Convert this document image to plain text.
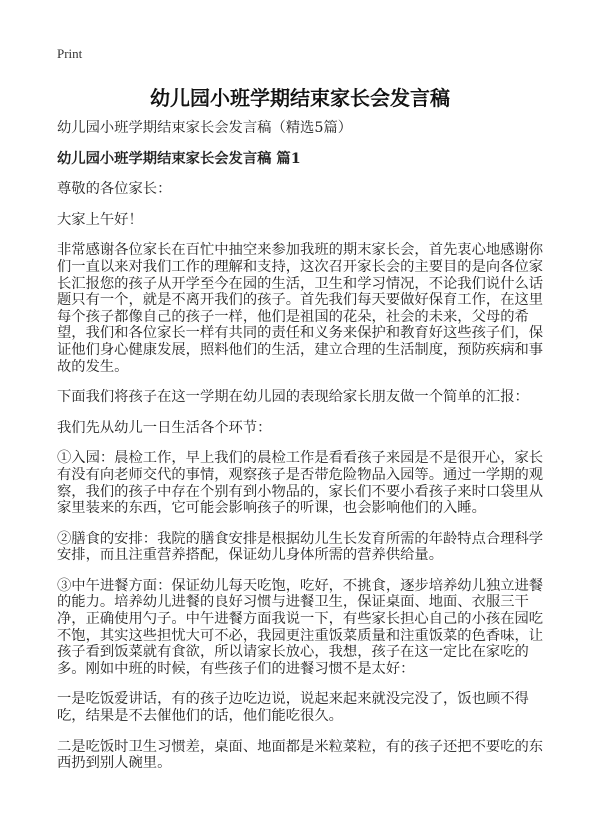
Print
幼儿园小班学期结束家长会发言稿

幼儿园小班学期结束家长会发言稿（精选5篇）

幼儿园小班学期结束家长会发言稿 篇1

尊敬的各位家长：

大家上午好！

非常感谢各位家长在百忙中抽空来参加我班的期末家长会，首先衷心地感谢你们一直以来对我们工作的理解和支持，这次召开家长会的主要目的是向各位家长汇报您的孩子从开学至今在园的生活，卫生和学习情况，不论我们说什么话题只有一个，就是不离开我们的孩子。首先我们每天要做好保育工作，在这里每个孩子都像自己的孩子一样，他们是祖国的花朵，社会的未来，父母的希望，我们和各位家长一样有共同的责任和义务来保护和教育好这些孩子们，保证他们身心健康发展，照料他们的生活，建立合理的生活制度，预防疾病和事故的发生。

下面我们将孩子在这一学期在幼儿园的表现给家长朋友做一个简单的汇报：

我们先从幼儿一日生活各个环节：

①入园：晨检工作，早上我们的晨检工作是看看孩子来园是不是很开心，家长有没有向老师交代的事情，观察孩子是否带危险物品入园等。通过一学期的观察，我们的孩子中存在个别有到小物品的，家长们不要小看孩子来时口袋里从家里装来的东西，它可能会影响孩子的听课，也会影响他们的入睡。

②膳食的安排：我院的膳食安排是根据幼儿生长发育所需的年龄特点合理科学安排，而且注重营养搭配，保证幼儿身体所需的营养供给量。

③中午进餐方面：保证幼儿每天吃饱，吃好，不挑食，逐步培养幼儿独立进餐的能力。培养幼儿进餐的良好习惯与进餐卫生，保证桌面、地面、衣服三干净，正确使用勺子。中午进餐方面我说一下，有些家长担心自己的小孩在园吃不饱，其实这些担忧大可不必，我园更注重饭菜质量和注重饭菜的色香味，让孩子看到饭菜就有食欲，所以请家长放心，我想，孩子在这一定比在家吃的多。刚如中班的时候，有些孩子们的进餐习惯不是太好：

一是吃饭爱讲话，有的孩子边吃边说，说起来起来就没完没了，饭也顾不得吃，结果是不去催他们的话，他们能吃很久。

二是吃饭时卫生习惯差，桌面、地面都是米粒菜粒，有的孩子还把不要吃的东西扔到别人碗里。
